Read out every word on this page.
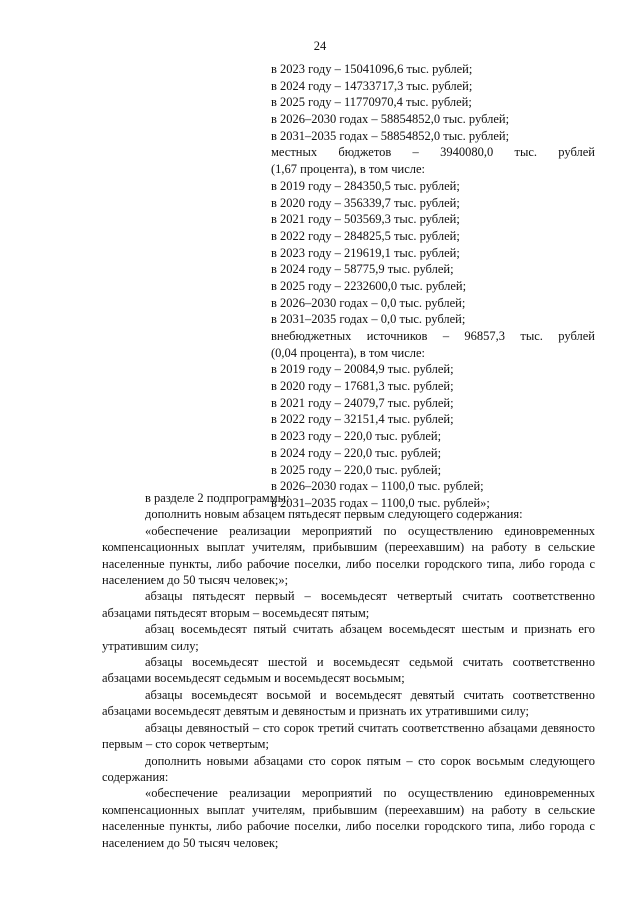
24
в 2023 году – 15041096,6 тыс. рублей;
в 2024 году – 14733717,3 тыс. рублей;
в 2025 году – 11770970,4 тыс. рублей;
в 2026–2030 годах – 58854852,0 тыс. рублей;
в 2031–2035 годах – 58854852,0 тыс. рублей;
местных бюджетов – 3940080,0 тыс. рублей
(1,67 процента), в том числе:
в 2019 году – 284350,5 тыс. рублей;
в 2020 году – 356339,7 тыс. рублей;
в 2021 году – 503569,3 тыс. рублей;
в 2022 году – 284825,5 тыс. рублей;
в 2023 году – 219619,1 тыс. рублей;
в 2024 году – 58775,9 тыс. рублей;
в 2025 году – 2232600,0 тыс. рублей;
в 2026–2030 годах – 0,0 тыс. рублей;
в 2031–2035 годах – 0,0 тыс. рублей;
внебюджетных источников – 96857,3 тыс. рублей
(0,04 процента), в том числе:
в 2019 году – 20084,9 тыс. рублей;
в 2020 году – 17681,3 тыс. рублей;
в 2021 году – 24079,7 тыс. рублей;
в 2022 году – 32151,4 тыс. рублей;
в 2023 году – 220,0 тыс. рублей;
в 2024 году – 220,0 тыс. рублей;
в 2025 году – 220,0 тыс. рублей;
в 2026–2030 годах – 1100,0 тыс. рублей;
в 2031–2035 годах – 1100,0 тыс. рублей»;

в разделе 2 подпрограммы:

дополнить новым абзацем пятьдесят первым следующего содержания:

«обеспечение реализации мероприятий по осуществлению единовременных компенсационных выплат учителям, прибывшим (переехавшим) на работу в сельские населенные пункты, либо рабочие поселки, либо поселки городского типа, либо города с населением до 50 тысяч человек;»;

абзацы пятьдесят первый – восемьдесят четвертый считать соответственно абзацами пятьдесят вторым – восемьдесят пятым;

абзац восемьдесят пятый считать абзацем восемьдесят шестым и признать его утратившим силу;

абзацы восемьдесят шестой и восемьдесят седьмой считать соответственно абзацами восемьдесят седьмым и восемьдесят восьмым;

абзацы восемьдесят восьмой и восемьдесят девятый считать соответственно абзацами восемьдесят девятым и девяностым и признать их утратившими силу;

абзацы девяностый – сто сорок третий считать соответственно абзацами девяносто первым – сто сорок четвертым;

дополнить новыми абзацами сто сорок пятым – сто сорок восьмым следующего содержания:

«обеспечение реализации мероприятий по осуществлению единовременных компенсационных выплат учителям, прибывшим (переехавшим) на работу в сельские населенные пункты, либо рабочие поселки, либо поселки городского типа, либо города с населением до 50 тысяч человек;
